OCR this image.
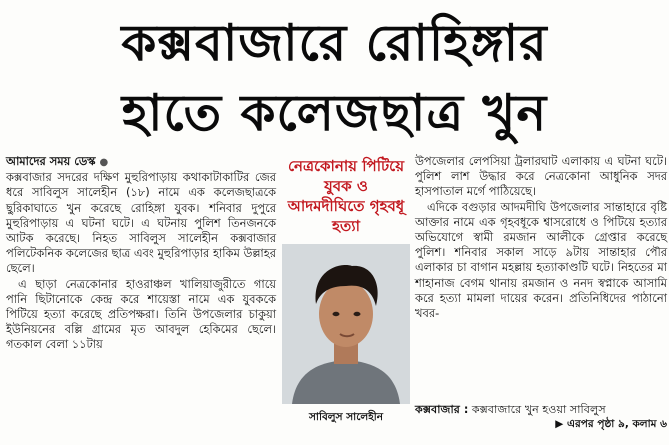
কক্সবাজারে রোহিঙ্গার
হাতে কলেজছাত্র খুন
আমাদের সময় ডেস্ক ●

কক্সবাজার সদরের দক্ষিণ মুহুরিপাড়ায় কথাকাটাকাটির জের ধরে সাবিলুস সালেহীন (১৮) নামে এক কলেজছাত্রকে ছুরিকাঘাতে খুন করেছে রোহিঙ্গা যুবক। শনিবার দুপুরে মুহুরিপাড়ায় এ ঘটনা ঘটে। এ ঘটনায় পুলিশ তিনজনকে আটক করেছে। নিহত সাবিলুস সালেহীন কক্সবাজার পলিটেকনিক কলেজের ছাত্র এবং মুহুরিপাড়ার হাকিম উল্লাহর ছেলে।

এ ছাড়া নেত্রকোনার হাওরাঞ্চল খালিয়াজুরীতে গায়ে পানি ছিটানোকে কেন্দ্র করে শায়েস্তা নামে এক যুবককে পিটিয়ে হত্যা করেছে প্রতিপক্ষরা। তিনি উপজেলার চাকুয়া ইউনিয়নের বল্লি গ্রামের মৃত আবদুল হেকিমের ছেলে। গতকাল বেলা ১১টায়

নেত্রকোনায় পিটিয়ে যুবক ও আদমদীঘিতে গৃহবধূ হত্যা
সাবিলুস সালেহীন

উপজেলার লেপসিয়া ট্রলারঘাট এলাকায় এ ঘটনা ঘটে। পুলিশ লাশ উদ্ধার করে নেত্রকোনা আধুনিক সদর হাসপাতাল মর্গে পাঠিয়েছে।

এদিকে বগুড়ার আদমদীঘি উপজেলার সান্তাহারে বৃষ্টি আক্তার নামে এক গৃহবধূকে শ্বাসরোধে ও পিটিয়ে হত্যার অভিযোগে স্বামী রমজান আলীকে গ্রেপ্তার করেছে পুলিশ। শনিবার সকাল সাড়ে ৯টায় সান্তাহার পৌর এলাকার চা বাগান মহল্লায় হত্যাকাণ্ডটি ঘটে। নিহতের মা শাহানাজ বেগম থানায় রমজান ও ননদ স্বপ্নাকে আসামি করে হত্যা মামলা দায়ের করেন। প্রতিনিধিদের পাঠানো খবর-

কক্সবাজার : কক্সবাজারে খুন হওয়া সাবিলুস
▶ এরপর পৃষ্ঠা ৯, কলাম ৬
